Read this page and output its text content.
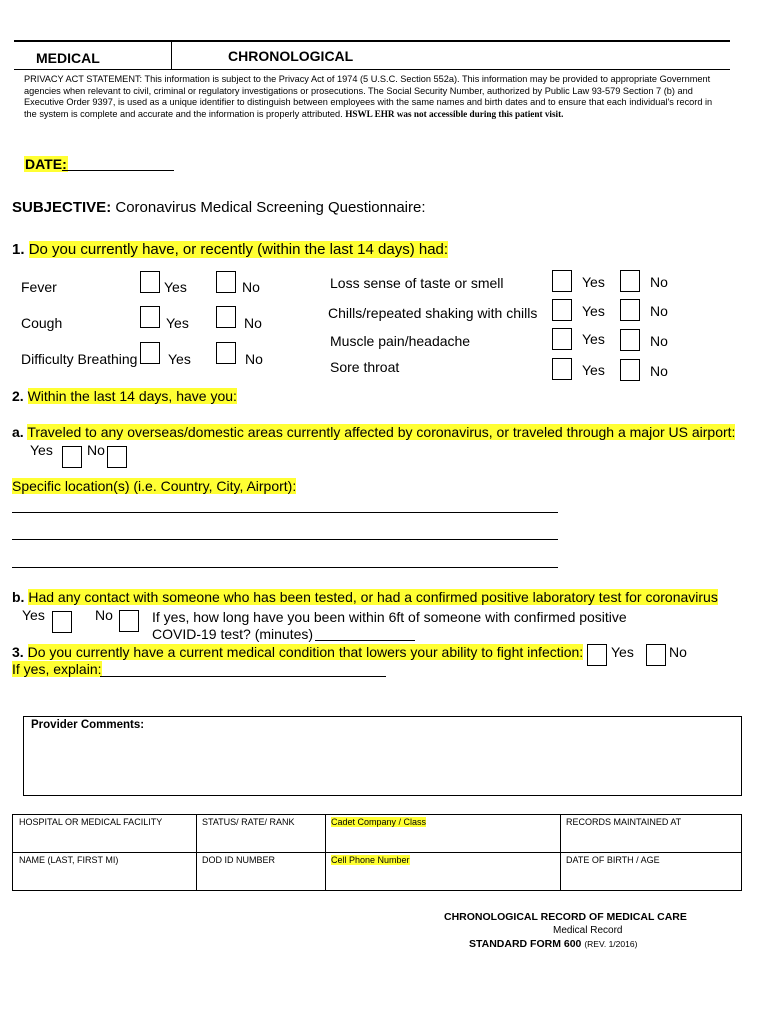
MEDICAL	CHRONOLOGICAL
PRIVACY ACT STATEMENT: This information is subject to the Privacy Act of 1974 (5 U.S.C. Section 552a). This information may be provided to appropriate Government agencies when relevant to civil, criminal or regulatory investigations or prosecutions. The Social Security Number, authorized by Public Law 93-579 Section 7 (b) and Executive Order 9397, is used as a unique identifier to distinguish between employees with the same names and birth dates and to ensure that each individual's record in the system is complete and accurate and the information is properly attributed. HSWL EHR was not accessible during this patient visit.
DATE:
SUBJECTIVE: Coronavirus Medical Screening Questionnaire:
1. Do you currently have, or recently (within the last 14 days) had:
Fever	Yes	No
Cough	Yes	No
Difficulty Breathing Yes	No
Loss sense of taste or smell	Yes	No
Chills/repeated shaking with chills	Yes	No
Muscle pain/headache	Yes	No
Sore throat	Yes	No
2. Within the last 14 days, have you:
a. Traveled to any overseas/domestic areas currently affected by coronavirus, or traveled through a major US airport:
Yes No
Specific location(s) (i.e. Country, City, Airport):
b. Had any contact with someone who has been tested, or had a confirmed positive laboratory test for coronavirus
Yes	No	If yes, how long have you been within 6ft of someone with confirmed positive
COVID-19 test? (minutes)
3. Do you currently have a current medical condition that lowers your ability to fight infection: Yes	No
If yes, explain:
Provider Comments:
HOSPITAL OR MEDICAL FACILITY	STATUS/ RATE/ RANK	Cadet Company / Class	RECORDS MAINTAINED AT
NAME (LAST, FIRST MI)	DOD ID NUMBER	Cell Phone Number	DATE OF BIRTH / AGE
CHRONOLOGICAL RECORD OF MEDICAL CARE
Medical Record
STANDARD FORM 600 (REV. 1/2016)
